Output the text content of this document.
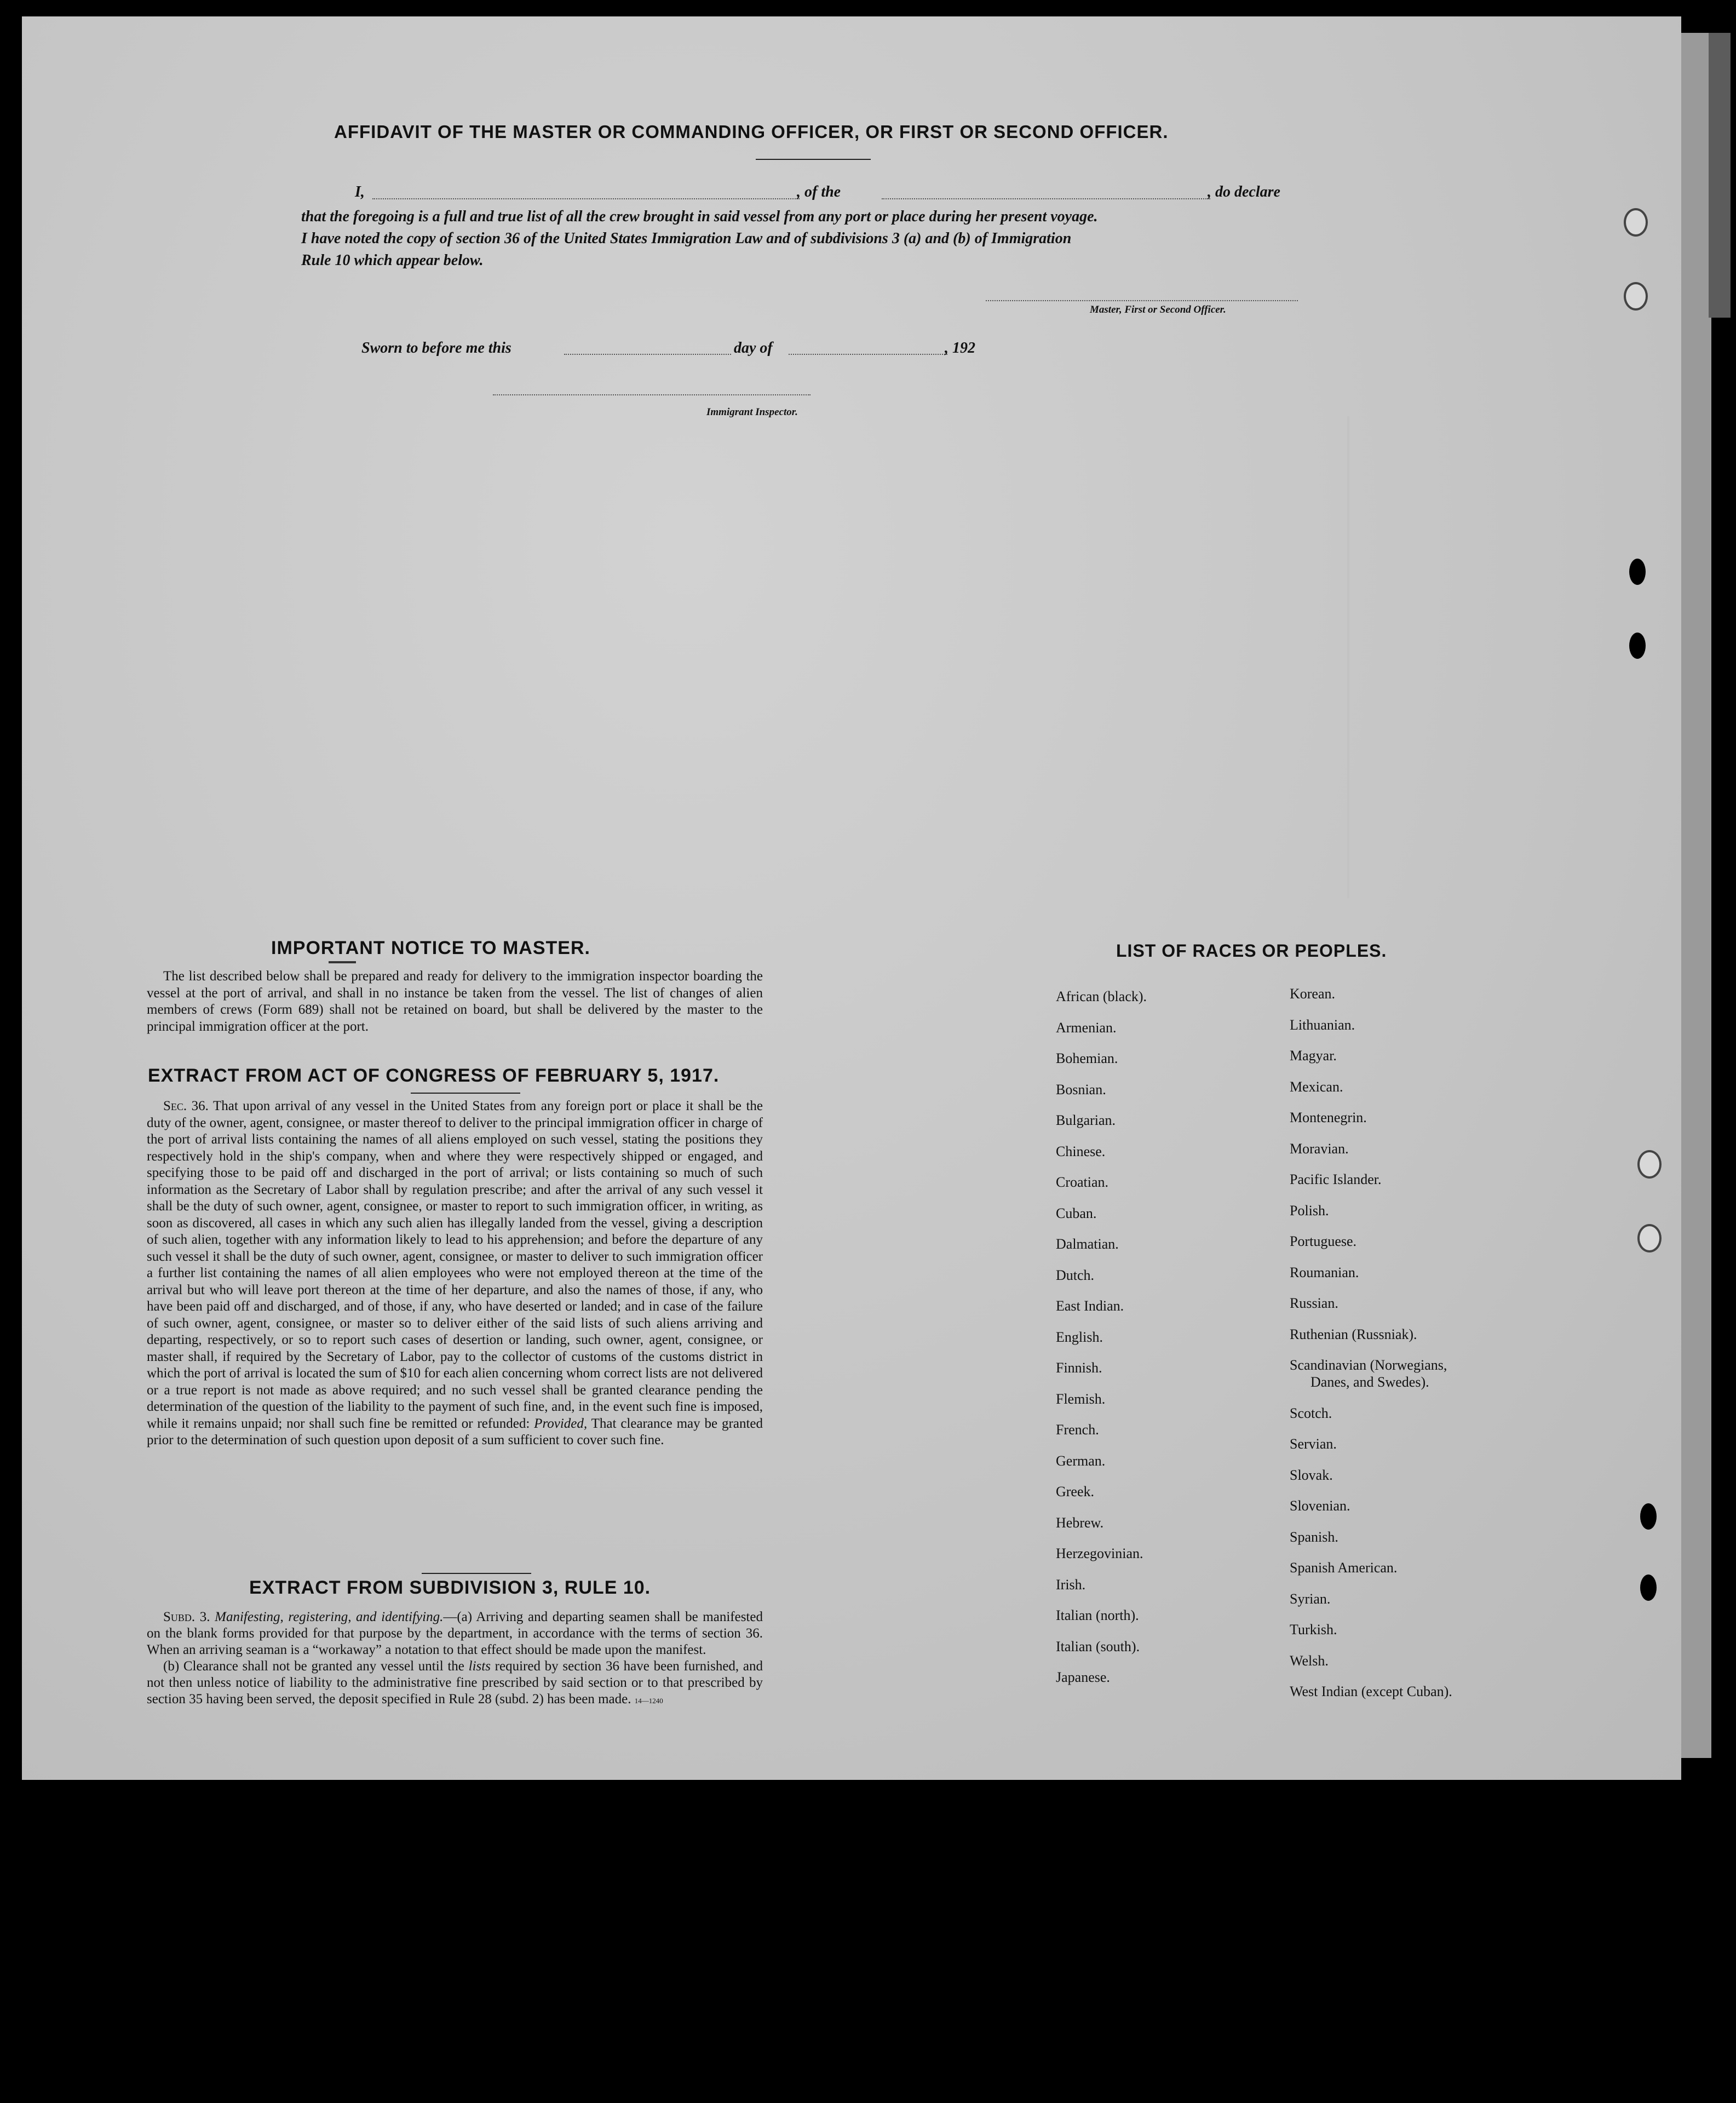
AFFIDAVIT OF THE MASTER OR COMMANDING OFFICER, OR FIRST OR SECOND OFFICER.
I,	, of the	, do declare
that the foregoing is a full and true list of all the crew brought in said vessel from any port or place during her present voyage.
I have noted the copy of section 36 of the United States Immigration Law and of subdivisions 3 (a) and (b) of Immigration
Rule 10 which appear below.
Master, First or Second Officer.
Sworn to before me this	day of	, 192
Immigrant Inspector.
IMPORTANT NOTICE TO MASTER.

The list described below shall be prepared and ready for delivery to the immigration inspector boarding the vessel at the port of arrival, and shall in no instance be taken from the vessel. The list of changes of alien members of crews (Form 689) shall not be retained on board, but shall be delivered by the master to the principal immigration officer at the port.

EXTRACT FROM ACT OF CONGRESS OF FEBRUARY 5, 1917.

Sec. 36. That upon arrival of any vessel in the United States from any foreign port or place it shall be the duty of the owner, agent, consignee, or master thereof to deliver to the principal immigration officer in charge of the port of arrival lists containing the names of all aliens employed on such vessel, stating the positions they respectively hold in the ship's company, when and where they were respectively shipped or engaged, and specifying those to be paid off and discharged in the port of arrival; or lists containing so much of such information as the Secretary of Labor shall by regulation prescribe; and after the arrival of any such vessel it shall be the duty of such owner, agent, consignee, or master to report to such immigration officer, in writing, as soon as discovered, all cases in which any such alien has illegally landed from the vessel, giving a description of such alien, together with any information likely to lead to his apprehension; and before the departure of any such vessel it shall be the duty of such owner, agent, consignee, or master to deliver to such immigration officer a further list containing the names of all alien employees who were not employed thereon at the time of the arrival but who will leave port thereon at the time of her departure, and also the names of those, if any, who have been paid off and discharged, and of those, if any, who have deserted or landed; and in case of the failure of such owner, agent, consignee, or master so to deliver either of the said lists of such aliens arriving and departing, respectively, or so to report such cases of desertion or landing, such owner, agent, consignee, or master shall, if required by the Secretary of Labor, pay to the collector of customs of the customs district in which the port of arrival is located the sum of $10 for each alien concerning whom correct lists are not delivered or a true report is not made as above required; and no such vessel shall be granted clearance pending the determination of the question of the liability to the payment of such fine, and, in the event such fine is imposed, while it remains unpaid; nor shall such fine be remitted or refunded: Provided, That clearance may be granted prior to the determination of such question upon deposit of a sum sufficient to cover such fine.

EXTRACT FROM SUBDIVISION 3, RULE 10.

Subd. 3. Manifesting, registering, and identifying.—(a) Arriving and departing seamen shall be manifested on the blank forms provided for that purpose by the department, in accordance with the terms of section 36. When an arriving seaman is a “workaway” a notation to that effect should be made upon the manifest.

(b) Clearance shall not be granted any vessel until the lists required by section 36 have been furnished, and not then unless notice of liability to the administrative fine prescribed by said section or to that prescribed by section 35 having been served, the deposit specified in Rule 28 (subd. 2) has been made. 14—1240

LIST OF RACES OR PEOPLES.
African (black).
Armenian.
Bohemian.
Bosnian.
Bulgarian.
Chinese.
Croatian.
Cuban.
Dalmatian.
Dutch.
East Indian.
English.
Finnish.
Flemish.
French.
German.
Greek.
Hebrew.
Herzegovinian.
Irish.
Italian (north).
Italian (south).
Japanese.
Korean.
Lithuanian.
Magyar.
Mexican.
Montenegrin.
Moravian.
Pacific Islander.
Polish.
Portuguese.
Roumanian.
Russian.
Ruthenian (Russniak).
Scandinavian (Norwegians,
Danes, and Swedes).
Scotch.
Servian.
Slovak.
Slovenian.
Spanish.
Spanish American.
Syrian.
Turkish.
Welsh.
West Indian (except Cuban).
